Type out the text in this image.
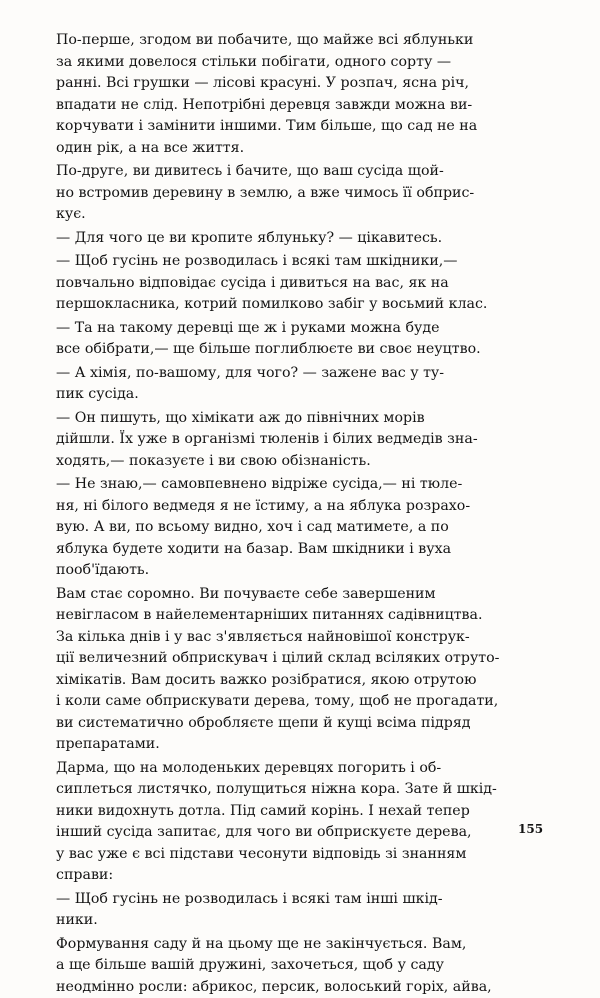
По-перше, згодом ви побачите, що майже всі яблуньки
за якими довелося стільки побігати, одного сорту —
ранні. Всі грушки — лісові красуні. У розпач, ясна річ,
впадати не слід. Непотрібні деревця завжди можна ви-
корчувати і замінити іншими. Тим більше, що сад не на
один рік, а на все життя.

По-друге, ви дивитесь і бачите, що ваш сусіда щой-
но встромив деревину в землю, а вже чимось її обприс-
кує.

— Для чого це ви кропите яблуньку? — цікавитесь.

— Щоб гусінь не розводилась і всякі там шкідники,—
повчально відповідає сусіда і дивиться на вас, як на
першокласника, котрий помилково забіг у восьмий клас.

— Та на такому деревці ще ж і руками можна буде
все обібрати,— ще більше поглиблюєте ви своє неуцтво.

— А хімія, по-вашому, для чого? — заженe вас у ту-
пик сусіда.

— Он пишуть, що хімікати аж до північних морів
дійшли. Їх уже в організмі тюленів і білих ведмедів зна-
ходять,— показуєте і ви свою обізнаність.

— Не знаю,— самовпевнено відріже сусіда,— ні тюле-
ня, ні білого ведмедя я не їстиму, а на яблука розрахо-
вую. А ви, по всьому видно, хоч і сад матимете, а по
яблука будете ходити на базар. Вам шкідники і вуха
пооб'їдають.

Вам стає соромно. Ви почуваєте себе завершеним
невігласом в найелементарніших питаннях садівництва.
За кілька днів і у вас з'являється найновішої конструк-
ції величезний обприскувач і цілий склад всіляких отруто-
хімікатів. Вам досить важко розібратися, якою отрутою
і коли саме обприскувати дерева, тому, щоб не прогадати,
ви систематично обробляєте щепи й кущі всіма підряд
препаратами.

Дарма, що на молоденьких деревцях погорить і об-
сиплеться листячко, полущиться ніжна кора. Зате й шкід-
ники видохнуть дотла. Під самий корінь. І нехай тепер
інший сусіда запитає, для чого ви обприскуєте дерева,
у вас уже є всі підстави чесонути відповідь зі знанням
справи:

— Щоб гусінь не розводилась і всякі там інші шкід-
ники.

Формування саду й на цьому ще не закінчується. Вам,
а ще більше вашій дружині, захочеться, щоб у саду
неодмінно росли: абрикос, персик, волоський горіх, айва,

155
